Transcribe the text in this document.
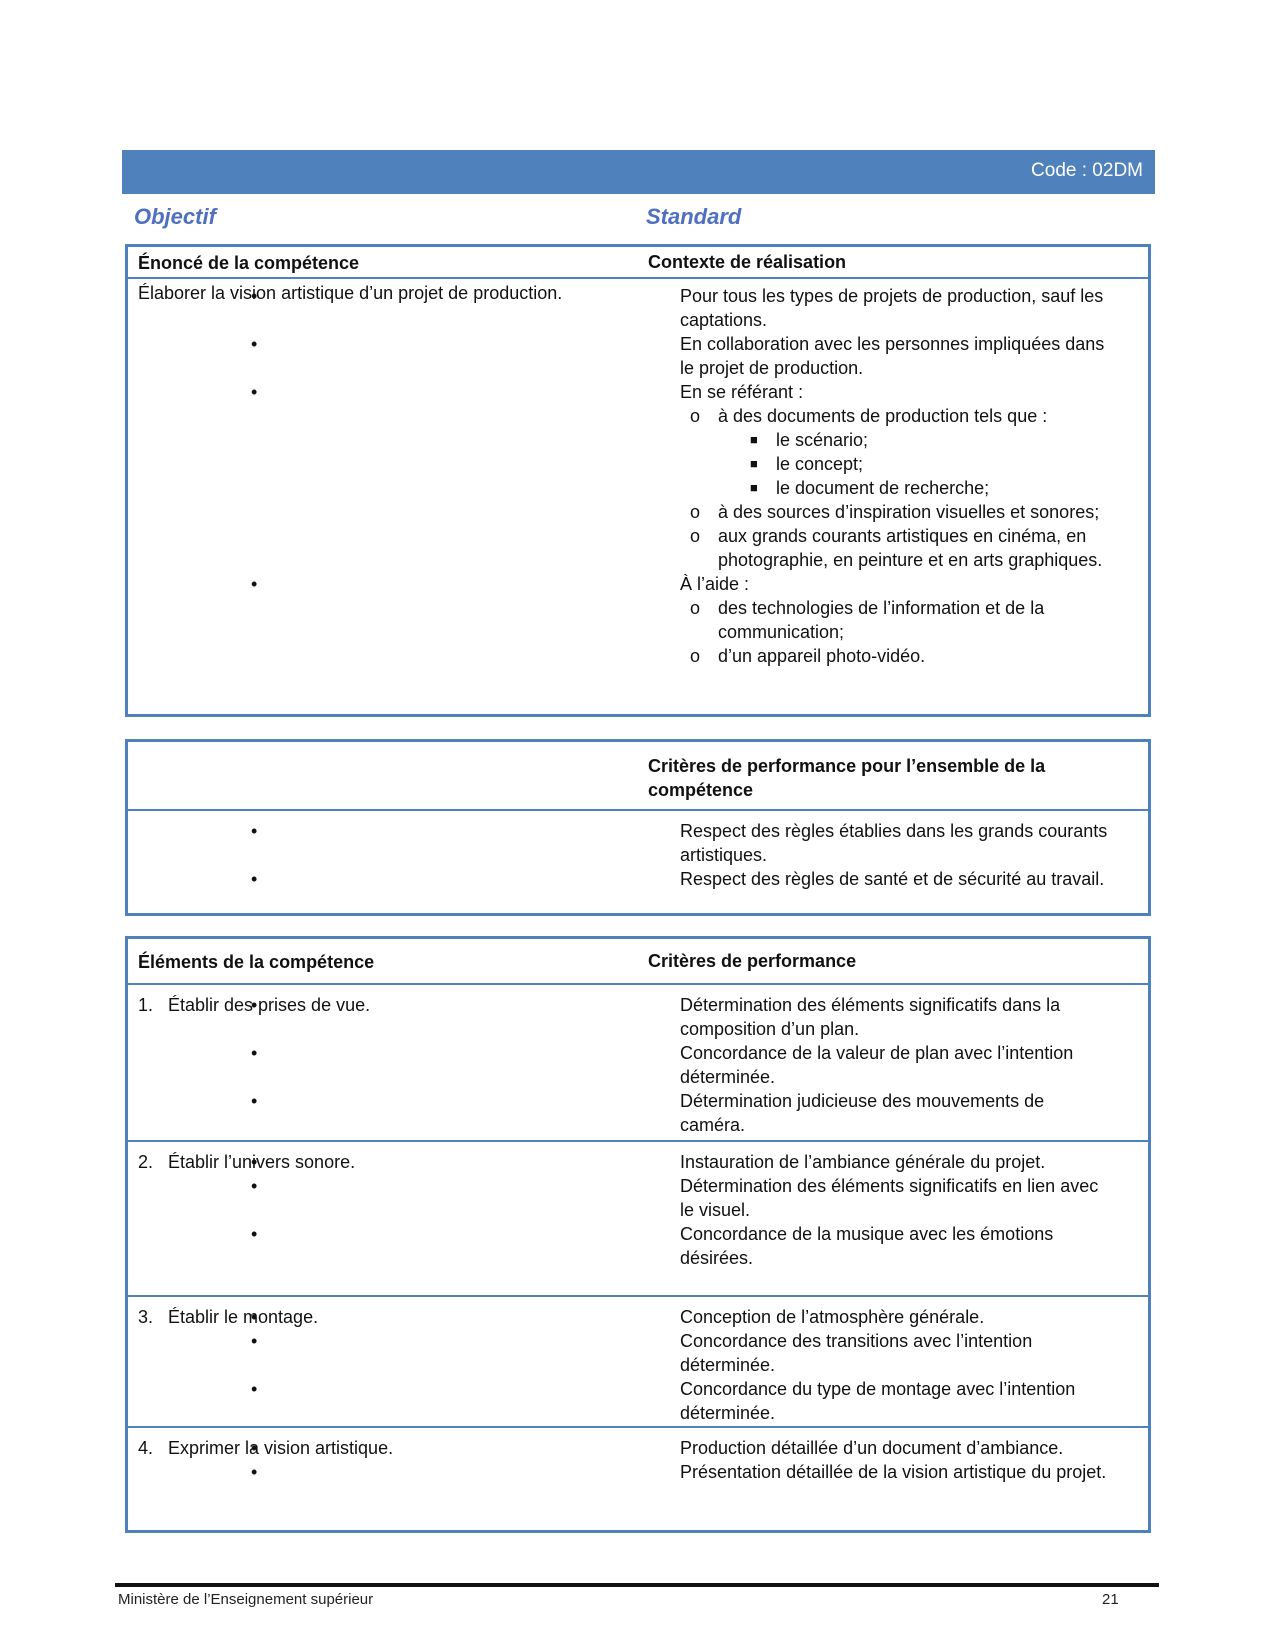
Code : 02DM
Objectif	Standard
Énoncé de la compétence	Contexte de réalisation
Élaborer la vision artistique d’un projet de production.	Pour tous les types de projets de production, sauf les captations.
En collaboration avec les personnes impliquées dans le projet de production.
En se référant :
o à des documents de production tels que :
■ le scénario;
■ le concept;
■ le document de recherche;
o à des sources d’inspiration visuelles et sonores;
o aux grands courants artistiques en cinéma, en photographie, en peinture et en arts graphiques.
À l’aide :
o des technologies de l’information et de la communication;
o d’un appareil photo-vidéo.
Critères de performance pour l’ensemble de la compétence
Respect des règles établies dans les grands courants artistiques.
Respect des règles de santé et de sécurité au travail.
Éléments de la compétence	Critères de performance
1. Établir des prises de vue.	Détermination des éléments significatifs dans la composition d’un plan.
Concordance de la valeur de plan avec l’intention déterminée.
Détermination judicieuse des mouvements de caméra.
2. Établir l’univers sonore.	Instauration de l’ambiance générale du projet.
Détermination des éléments significatifs en lien avec le visuel.
Concordance de la musique avec les émotions désirées.
3. Établir le montage.	Conception de l’atmosphère générale.
Concordance des transitions avec l’intention déterminée.
Concordance du type de montage avec l’intention déterminée.
4. Exprimer la vision artistique.	Production détaillée d’un document d’ambiance.
Présentation détaillée de la vision artistique du projet.
Ministère de l’Enseignement supérieur	21
